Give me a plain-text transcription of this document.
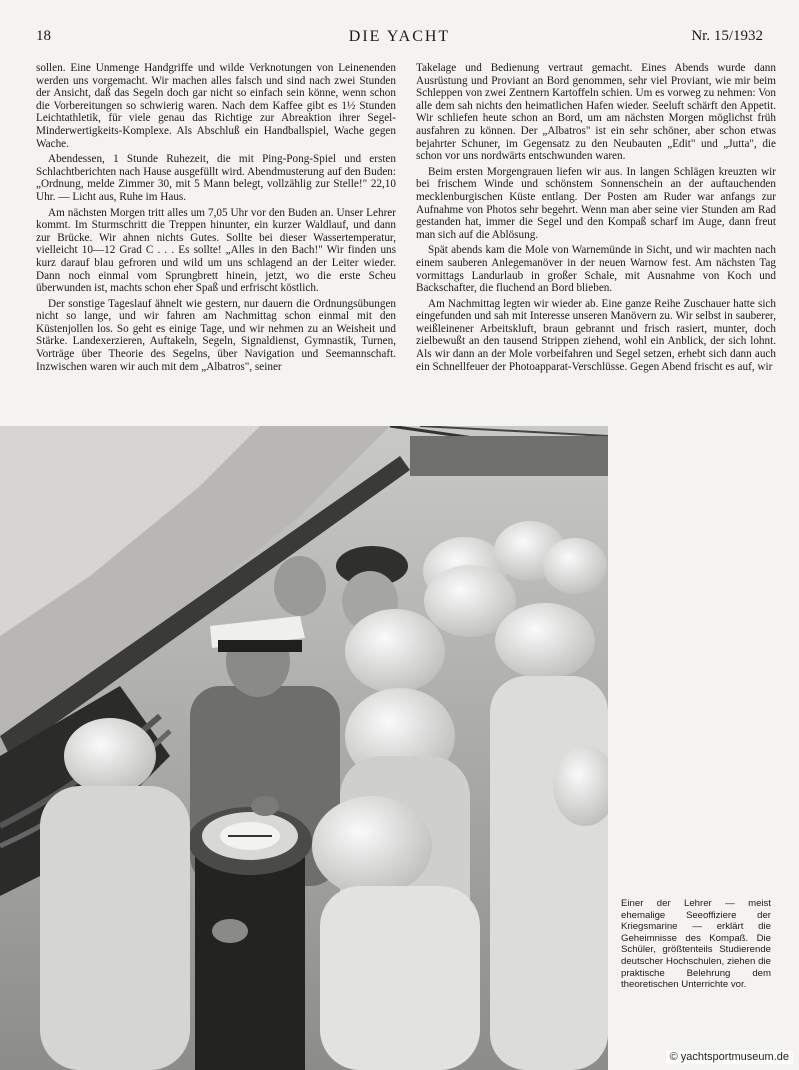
18	DIE YACHT	Nr. 15/1932

sollen. Eine Unmenge Handgriffe und wilde Verknotungen von Leinenenden werden uns vorgemacht. Wir machen alles falsch und sind nach zwei Stunden der Ansicht, daß das Segeln doch gar nicht so einfach sein könne, wenn schon die Vorbereitungen so schwierig waren. Nach dem Kaffee gibt es 1½ Stunden Leichtathletik, für viele genau das Richtige zur Abreaktion ihrer Segel-Minderwertigkeits-Komplexe. Als Abschluß ein Handballspiel, Wache gegen Wache.

Abendessen, 1 Stunde Ruhezeit, die mit Ping-Pong-Spiel und ersten Schlachtberichten nach Hause ausgefüllt wird. Abendmusterung auf den Buden: „Ordnung, melde Zimmer 30, mit 5 Mann belegt, vollzählig zur Stelle!" 22,10 Uhr. — Licht aus, Ruhe im Haus.

Am nächsten Morgen tritt alles um 7,05 Uhr vor den Buden an. Unser Lehrer kommt. Im Sturmschritt die Treppen hinunter, ein kurzer Waldlauf, und dann zur Brücke. Wir ahnen nichts Gutes. Sollte bei dieser Wassertemperatur, vielleicht 10—12 Grad C . . . Es sollte! „Alles in den Bach!" Wir finden uns kurz darauf blau gefroren und wild um uns schlagend an der Leiter wieder. Dann noch einmal vom Sprungbrett hinein, jetzt, wo die erste Scheu überwunden ist, machts schon eher Spaß und erfrischt köstlich.

Der sonstige Tageslauf ähnelt wie gestern, nur dauern die Ordnungsübungen nicht so lange, und wir fahren am Nachmittag schon einmal mit den Küstenjollen los. So geht es einige Tage, und wir nehmen zu an Weisheit und Stärke. Landexerzieren, Auftakeln, Segeln, Signaldienst, Gymnastik, Turnen, Vorträge über Theorie des Segelns, über Navigation und Seemannschaft. Inzwischen waren wir auch mit dem „Albatros", seiner

Takelage und Bedienung vertraut gemacht. Eines Abends wurde dann Ausrüstung und Proviant an Bord genommen, sehr viel Proviant, wie mir beim Schleppen von zwei Zentnern Kartoffeln schien. Um es vorweg zu nehmen: Von alle dem sah nichts den heimatlichen Hafen wieder. Seeluft schärft den Appetit. Wir schliefen heute schon an Bord, um am nächsten Morgen möglichst früh ausfahren zu können. Der „Albatros" ist ein sehr schöner, aber schon etwas bejahrter Schuner, im Gegensatz zu den Neubauten „Edit" und „Jutta", die schon vor uns nordwärts entschwunden waren.

Beim ersten Morgengrauen liefen wir aus. In langen Schlägen kreuzten wir bei frischem Winde und schönstem Sonnenschein an der auftauchenden mecklenburgischen Küste entlang. Der Posten am Ruder war anfangs zur Aufnahme von Photos sehr begehrt. Wenn man aber seine vier Stunden am Rad gestanden hat, immer die Segel und den Kompaß scharf im Auge, dann freut man sich auf die Ablösung.

Spät abends kam die Mole von Warnemünde in Sicht, und wir machten nach einem sauberen Anlegemanöver in der neuen Warnow fest. Am nächsten Tag vormittags Landurlaub in großer Schale, mit Ausnahme von Koch und Backschafter, die fluchend an Bord blieben.

Am Nachmittag legten wir wieder ab. Eine ganze Reihe Zuschauer hatte sich eingefunden und sah mit Interesse unseren Manövern zu. Wir selbst in sauberer, weißleinener Arbeitskluft, braun gebrannt und frisch rasiert, munter, doch zielbewußt an den tausend Strippen ziehend, wohl ein Anblick, der sich lohnt. Als wir dann an der Mole vorbeifahren und Segel setzen, erhebt sich dann auch ein Schnellfeuer der Photoapparat-Verschlüsse. Gegen Abend frischt es auf, wir

Einer der Lehrer — meist ehemalige Seeoffiziere der Kriegsmarine — erklärt die Geheimnisse des Kompaß. Die Schüler, größtenteils Studierende deutscher Hochschulen, ziehen die praktische Belehrung dem theoretischen Unterrichte vor.
© yachtsportmuseum.de
